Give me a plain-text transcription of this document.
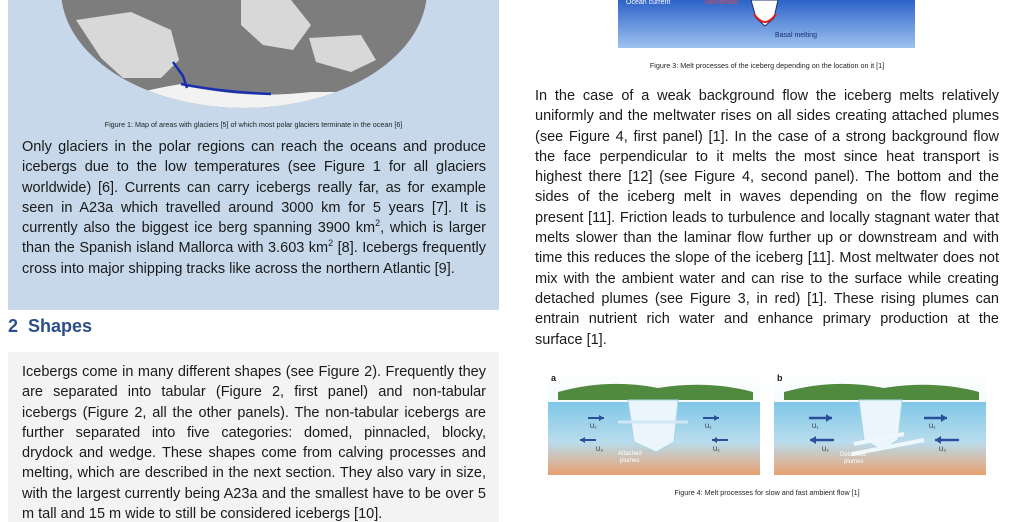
Figure 1: Map of areas with glaciers [5] of which most polar glaciers terminate in the ocean [6]

Only glaciers in the polar regions can reach the oceans and produce icebergs due to the low temperatures (see Figure 1 for all glaciers worldwide) [6]. Currents can carry icebergs really far, as for example seen in A23a which travelled around 3000 km for 5 years [7]. It is currently also the biggest ice berg spanning 3900 $km^2$, which is larger than the Spanish island Mallorca with 3.603 $km^2$ [8]. Icebergs frequently cross into major shipping tracks like across the northern Atlantic [9].

2 Shapes

Icebergs come in many different shapes (see Figure 2). Frequently they are separated into tabular (Figure 2, first panel) and non-tabular icebergs (Figure 2, all the other panels). The non-tabular icebergs are further separated into five categories: domed, pinnacled, blocky, drydock and wedge. These shapes come from calving processes and melting, which are described in the next section. They also vary in size, with the largest currently being A23a and the smallest have to be over 5 m tall and 15 m wide to still be considered icebergs [10].

Ocean current	convection
Basal melting
Figure 3: Melt processes of the iceberg depending on the location on it [1]

In the case of a weak background flow the iceberg melts relatively uniformly and the meltwater rises on all sides creating attached plumes (see Figure 4, first panel) [1]. In the case of a strong background flow the face perpendicular to it melts the most since heat transport is highest there [12] (see Figure 4, second panel). The bottom and the sides of the iceberg melt in waves depending on the flow regime present [11]. Friction leads to turbulence and locally stagnant water that melts slower than the laminar flow further up or downstream and with time this reduces the slope of the iceberg [11]. Most meltwater does not mix with the ambient water and can rise to the surface while creating detached plumes (see Figure 3, in red) [1]. These rising plumes can entrain nutrient rich water and enhance primary production at the surface [1].

a
U₁	U₁
U₂
U₃
Attached
plumes
b
U₁	U₁
U₂	U₃
Detached
plumes
Figure 4: Melt processes for slow and fast ambient flow [1]
